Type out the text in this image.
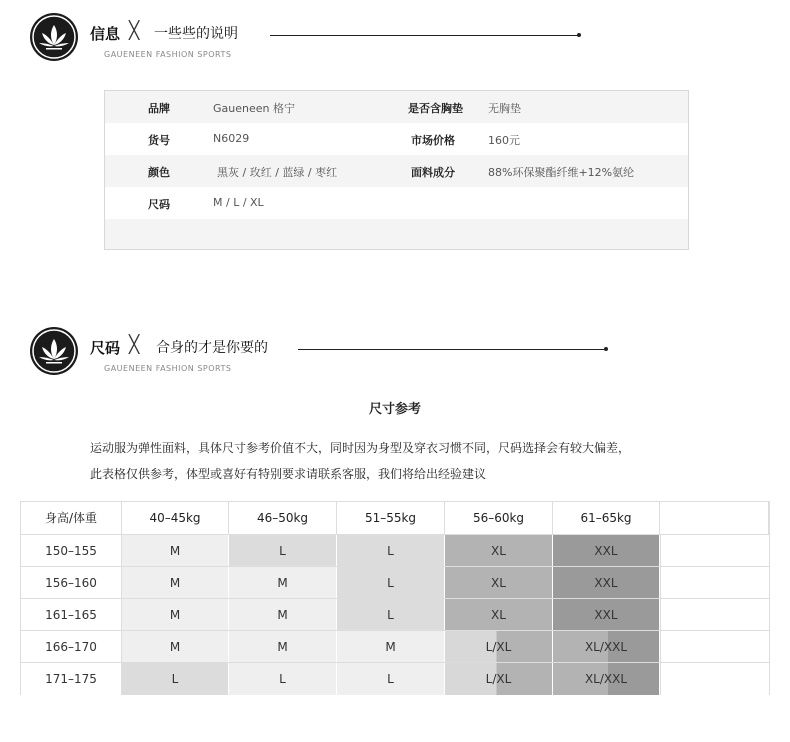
信息 ╳ 一些些的说明
GAUENEEN FASHION SPORTS
品牌	Gaueneen 格宁	是否含胸垫 无胸垫
货号	N6029	市场价格	160元
颜色	黑灰 / 玫红 / 蓝绿 / 枣红	面料成分	88%环保聚酯纤维+12%氨纶
尺码	M / L / XL
尺码 ╳ 合身的才是你要的
GAUENEEN FASHION SPORTS
尺寸参考
运动服为弹性面料，具体尺寸参考价值不大，同时因为身型及穿衣习惯不同，尺码选择会有较大偏差，
此表格仅供参考，体型或喜好有特别要求请联系客服，我们将给出经验建议
身高/体重	40–45kg	46–50kg	51–55kg	56–60kg	61–65kg
150–155	M	L	L	XL	XXL
156–160	M	M	L	XL	XXL
161–165	M	M	L	XL	XXL
166–170	M	M	M	L/XL	XL/XXL
171–175	L	L	L	L/XL	XL/XXL
